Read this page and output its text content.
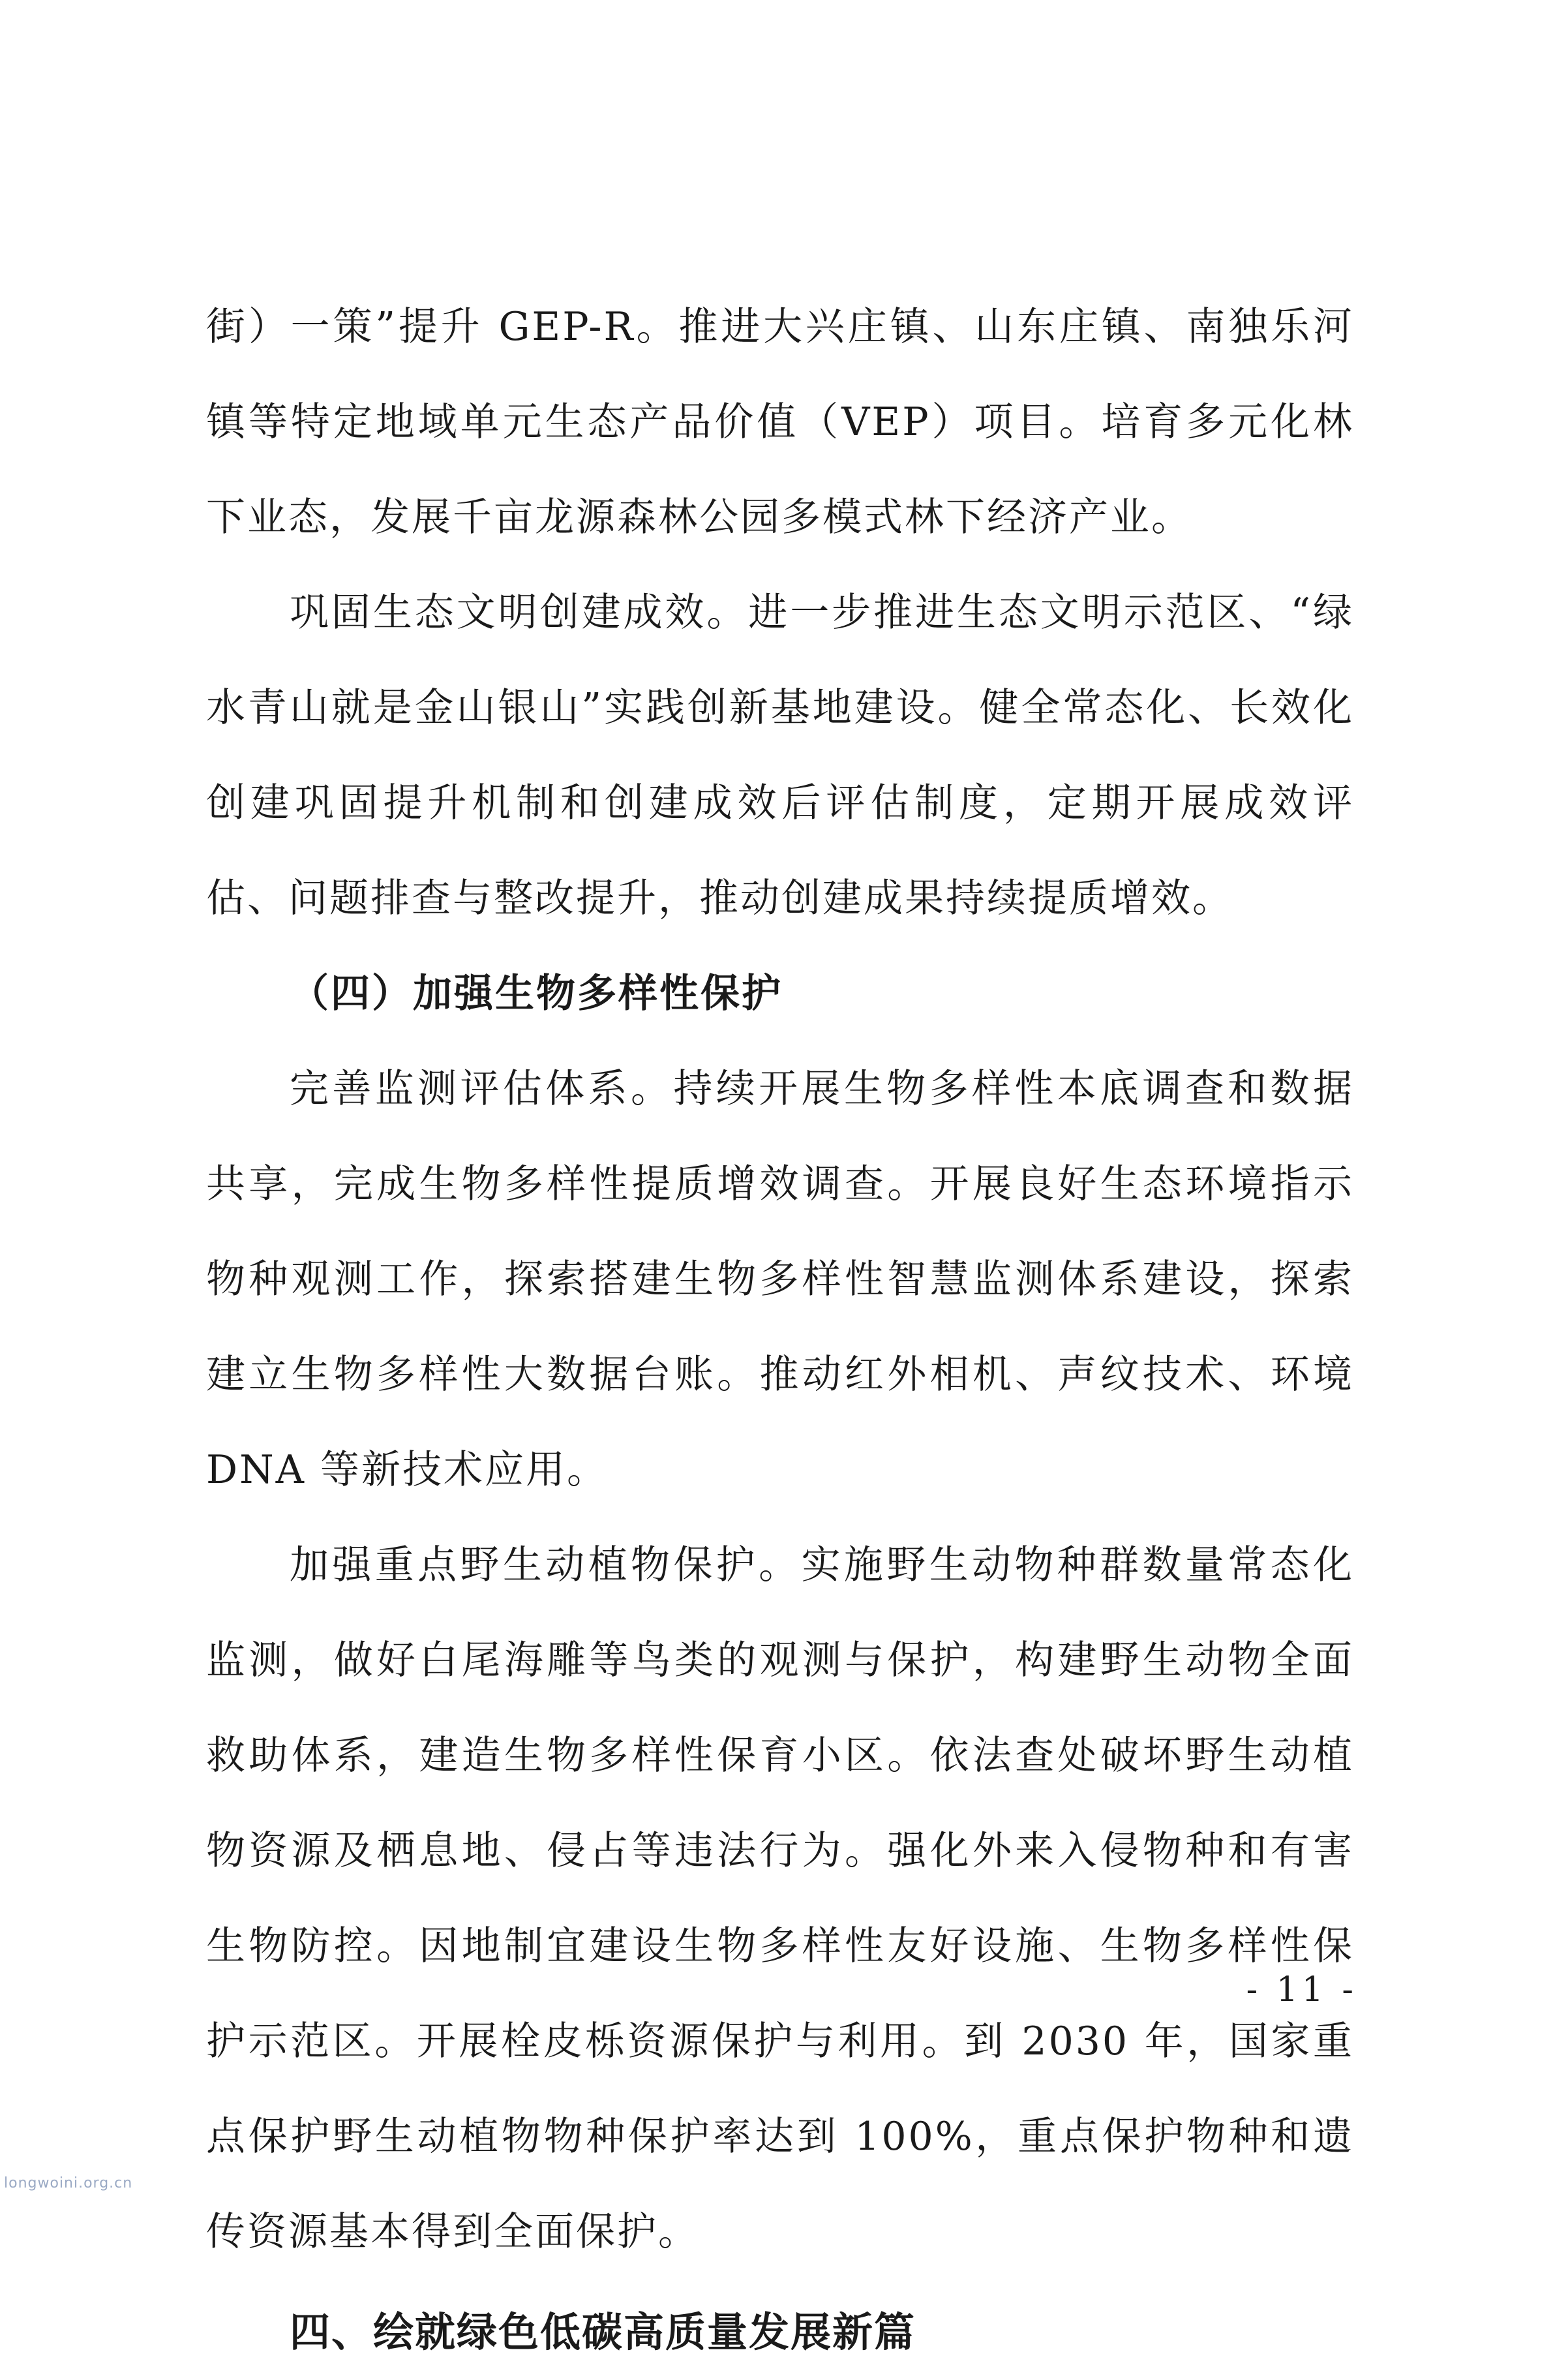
街）一策”提升 GEP-R。推进大兴庄镇、山东庄镇、南独乐河镇等特定地域单元生态产品价值（VEP）项目。培育多元化林下业态，发展千亩龙源森林公园多模式林下经济产业。

巩固生态文明创建成效。进一步推进生态文明示范区、“绿水青山就是金山银山”实践创新基地建设。健全常态化、长效化创建巩固提升机制和创建成效后评估制度，定期开展成效评估、问题排查与整改提升，推动创建成果持续提质增效。

（四）加强生物多样性保护

完善监测评估体系。持续开展生物多样性本底调查和数据共享，完成生物多样性提质增效调查。开展良好生态环境指示物种观测工作，探索搭建生物多样性智慧监测体系建设，探索建立生物多样性大数据台账。推动红外相机、声纹技术、环境 DNA 等新技术应用。

加强重点野生动植物保护。实施野生动物种群数量常态化监测，做好白尾海雕等鸟类的观测与保护，构建野生动物全面救助体系，建造生物多样性保育小区。依法查处破坏野生动植物资源及栖息地、侵占等违法行为。强化外来入侵物种和有害生物防控。因地制宜建设生物多样性友好设施、生物多样性保护示范区。开展栓皮栎资源保护与利用。到 2030 年，国家重点保护野生动植物物种保护率达到 100%，重点保护物种和遗传资源基本得到全面保护。

四、绘就绿色低碳高质量发展新篇
- 11 -
longwoini.org.cn
